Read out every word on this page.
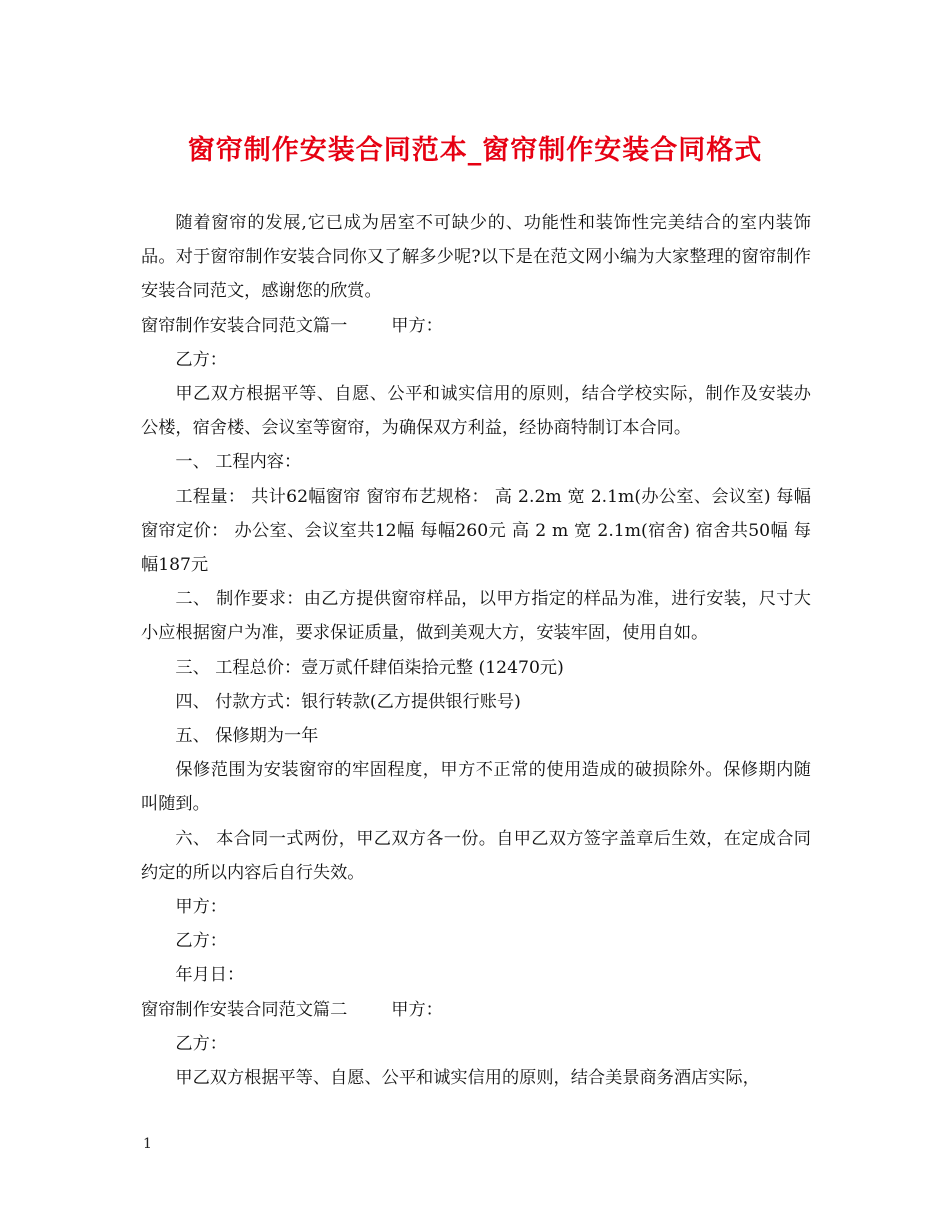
窗帘制作安装合同范本_窗帘制作安装合同格式

随着窗帘的发展,它已成为居室不可缺少的、功能性和装饰性完美结合的室内装饰品。对于窗帘制作安装合同你又了解多少呢?以下是在范文网小编为大家整理的窗帘制作安装合同范文，感谢您的欣赏。

窗帘制作安装合同范文篇一	甲方：

乙方：

甲乙双方根据平等、自愿、公平和诚实信用的原则，结合学校实际，制作及安装办公楼，宿舍楼、会议室等窗帘，为确保双方利益，经协商特制订本合同。

一、 工程内容：

工程量： 共计62幅窗帘 窗帘布艺规格： 高 2.2m 宽 2.1m(办公室、会议室) 每幅窗帘定价： 办公室、会议室共12幅 每幅260元 高 2 m 宽 2.1m(宿舍) 宿舍共50幅 每幅187元

二、 制作要求：由乙方提供窗帘样品，以甲方指定的样品为准，进行安装，尺寸大小应根据窗户为准，要求保证质量，做到美观大方，安装牢固，使用自如。

三、 工程总价：壹万贰仟肆佰柒拾元整 (12470元)

四、 付款方式：银行转款(乙方提供银行账号)

五、 保修期为一年

保修范围为安装窗帘的牢固程度，甲方不正常的使用造成的破损除外。保修期内随叫随到。

六、 本合同一式两份，甲乙双方各一份。自甲乙双方签字盖章后生效，在定成合同约定的所以内容后自行失效。

甲方：

乙方：

年月日：

窗帘制作安装合同范文篇二	甲方：

乙方：

甲乙双方根据平等、自愿、公平和诚实信用的原则，结合美景商务酒店实际，

1
